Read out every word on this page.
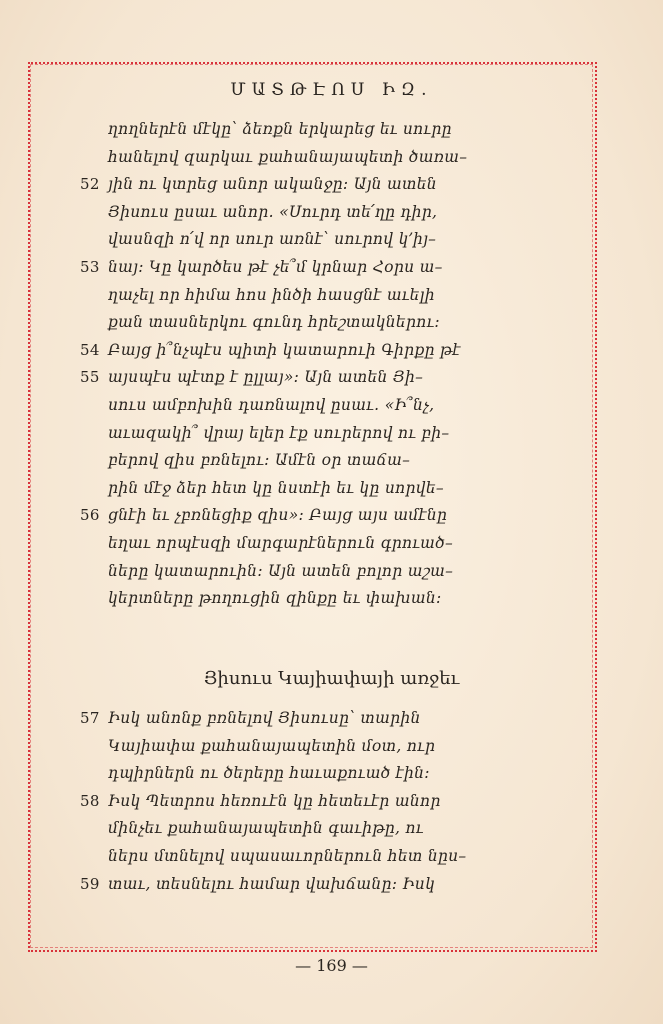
ՄԱՏԹԷՈՍ ԻԶ․
ղողներէն մէկը՝ ձեռքն երկարեց եւ սուրը
հանելով զարկաւ քահանայապետի ծառա–
52 յին ու կտրեց անոր ականջը։ Այն ատեն
Յիսուս ըսաւ անոր․ «Սուրդ տե՛ղը դիր,
վասնզի ո՛վ որ սուր առնէ՝ սուրով կ՚իյ–
53 նայ։ Կը կարծես թէ չե՞մ կրնար Հօրս ա–
ղաչել որ հիմա հոս ինծի հասցնէ աւելի
քան տասներկու գունդ հրեշտակներու։
54 Բայց ի՞նչպէս պիտի կատարուի Գիրքը թէ
55 այսպէս պէտք է ըլլայ»։ Այն ատեն Յի–
սուս ամբոխին դառնալով ըսաւ․ «Ի՞նչ,
աւազակի՞ վրայ ելեր էք սուրերով ու բի–
բերով զիս բռնելու։ Ամէն օր տաճա–
րին մէջ ձեր հետ կը նստէի եւ կը սորվե–
56 ցնէի եւ չբռնեցիք զիս»։ Բայց այս ամէնը
եղաւ որպէսզի մարգարէներուն գրուած–
ները կատարուին։ Այն ատեն բոլոր աշա–
կերտները թողուցին զինքը եւ փախան։
Յիսուս Կայիափայի առջեւ
57 Իսկ անոնք բռնելով Յիսուսը՝ տարին
Կայիափա քահանայապետին մօտ, ուր
դպիրներն ու ծերերը հաւաքուած էին։
58 Իսկ Պետրոս հեռուէն կը հետեւէր անոր
մինչեւ քահանայապետին գաւիթը, ու
ներս մտնելով սպասաւորներուն հետ նըս–
59 տաւ, տեսնելու համար վախճանը։ Իսկ
— 169 —
